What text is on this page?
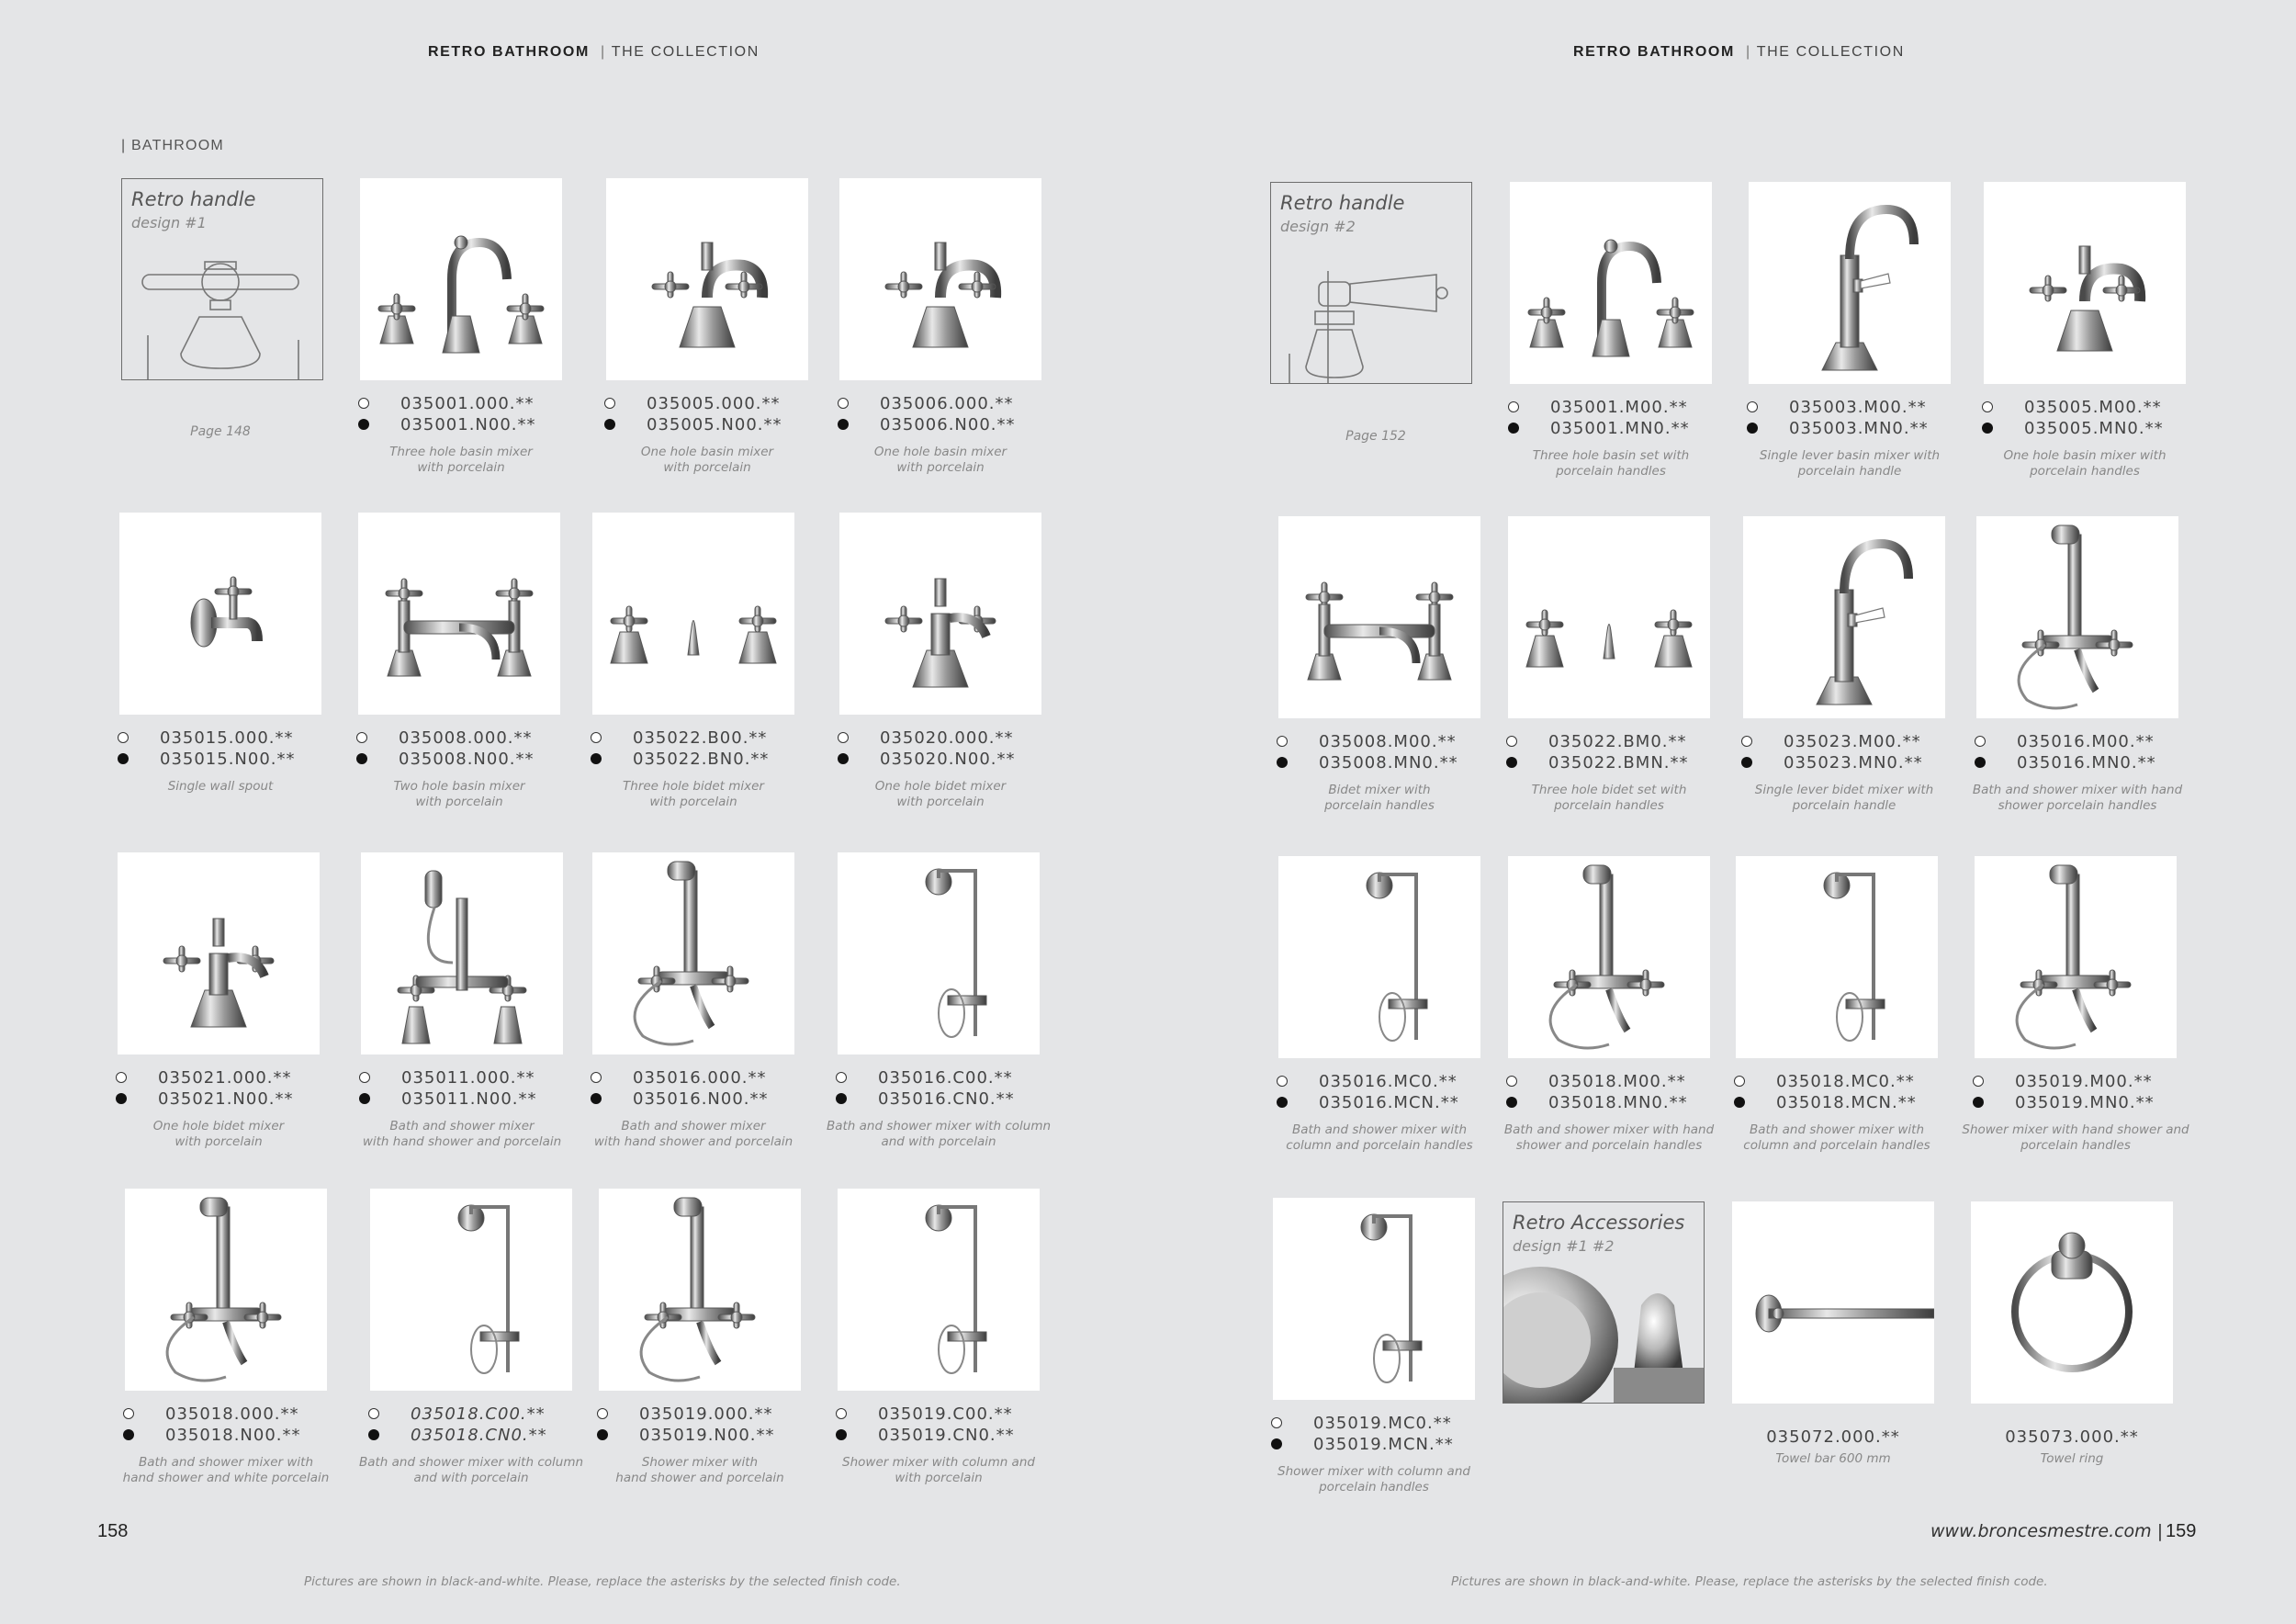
RETRO BATHROOM  | THE COLLECTION	RETRO BATHROOM  | THE COLLECTION
| BATHROOM
Retro handle
design #1
Page 148
Retro handle
design #2
Page 152
Retro Accessories
design #1 #2
035001.000.**
035001.N00.**
Three hole basin mixer
with porcelain
035005.000.**
035005.N00.**
One hole basin mixer
with porcelain
035006.000.**
035006.N00.**
One hole basin mixer
with porcelain
035015.000.**
035015.N00.**
Single wall spout
035008.000.**
035008.N00.**
Two hole basin mixer
with porcelain
035022.B00.**
035022.BN0.**
Three hole bidet mixer
with porcelain
035020.000.**
035020.N00.**
One hole bidet mixer
with porcelain
035021.000.**
035021.N00.**
One hole bidet mixer
with porcelain
035011.000.**
035011.N00.**
Bath and shower mixer
with hand shower and porcelain
035016.000.**
035016.N00.**
Bath and shower mixer
with hand shower and porcelain
035016.C00.**
035016.CN0.**
Bath and shower mixer with column
and with porcelain
035018.000.**
035018.N00.**
Bath and shower mixer with
hand shower and white porcelain
035018.C00.**
035018.CN0.**
Bath and shower mixer with column
and with porcelain
035019.000.**
035019.N00.**
Shower mixer with
hand shower and porcelain
035019.C00.**
035019.CN0.**
Shower mixer with column and
with porcelain
035001.M00.**
035001.MN0.**
Three hole basin set with
porcelain handles
035003.M00.**
035003.MN0.**
Single lever basin mixer with
porcelain handle
035005.M00.**
035005.MN0.**
One hole basin mixer with
porcelain handles
035008.M00.**
035008.MN0.**
Bidet mixer with
porcelain handles
035022.BM0.**
035022.BMN.**
Three hole bidet set with
porcelain handles
035023.M00.**
035023.MN0.**
Single lever bidet mixer with
porcelain handle
035016.M00.**
035016.MN0.**
Bath and shower mixer with hand
shower porcelain handles
035016.MC0.**
035016.MCN.**
Bath and shower mixer with
column and porcelain handles
035018.M00.**
035018.MN0.**
Bath and shower mixer with hand
shower and porcelain handles
035018.MC0.**
035018.MCN.**
Bath and shower mixer with
column and porcelain handles
035019.M00.**
035019.MN0.**
Shower mixer with hand shower and
porcelain handles
035019.MC0.**
035019.MCN.**
Shower mixer with column and
porcelain handles
035072.000.**
Towel bar 600 mm
035073.000.**
Towel ring
158	www.broncesmestre.com | 159
Pictures are shown in black-and-white. Please, replace the asterisks by the selected finish code.	Pictures are shown in black-and-white. Please, replace the asterisks by the selected finish code.
